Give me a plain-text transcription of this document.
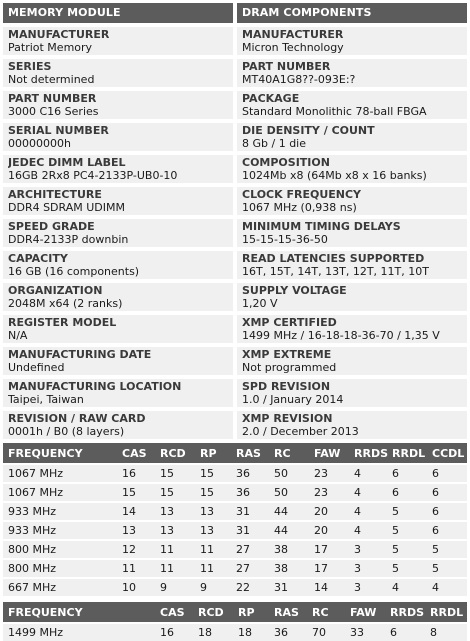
MEMORY MODULE
MANUFACTURER
Patriot Memory
SERIES
Not determined
PART NUMBER
3000 C16 Series
SERIAL NUMBER
00000000h
JEDEC DIMM LABEL
16GB 2Rx8 PC4-2133P-UB0-10
ARCHITECTURE
DDR4 SDRAM UDIMM
SPEED GRADE
DDR4-2133P downbin
CAPACITY
16 GB (16 components)
ORGANIZATION
2048M x64 (2 ranks)
REGISTER MODEL
N/A
MANUFACTURING DATE
Undefined
MANUFACTURING LOCATION
Taipei, Taiwan
REVISION / RAW CARD
0001h / B0 (8 layers)
DRAM COMPONENTS
MANUFACTURER
Micron Technology
PART NUMBER
MT40A1G8??-093E:?
PACKAGE
Standard Monolithic 78-ball FBGA
DIE DENSITY / COUNT
8 Gb / 1 die
COMPOSITION
1024Mb x8 (64Mb x8 x 16 banks)
CLOCK FREQUENCY
1067 MHz (0,938 ns)
MINIMUM TIMING DELAYS
15-15-15-36-50
READ LATENCIES SUPPORTED
16T, 15T, 14T, 13T, 12T, 11T, 10T
SUPPLY VOLTAGE
1,20 V
XMP CERTIFIED
1499 MHz / 16-18-18-36-70 / 1,35 V
XMP EXTREME
Not programmed
SPD REVISION
1.0 / January 2014
XMP REVISION
2.0 / December 2013
FREQUENCY	CAS	RCD	RP	RAS	RC	FAW	RRDS	RRDL	CCDL
1067 MHz	16	15	15	36	50	23	4	6	6
1067 MHz	15	15	15	36	50	23	4	6	6
933 MHz	14	13	13	31	44	20	4	5	6
933 MHz	13	13	13	31	44	20	4	5	6
800 MHz	12	11	11	27	38	17	3	5	5
800 MHz	11	11	11	27	38	17	3	5	5
667 MHz	10	9	9	22	31	14	3	4	4
FREQUENCY	CAS	RCD	RP	RAS	RC	FAW	RRDS	RRDL
1499 MHz	16	18	18	36	70	33	6	8
